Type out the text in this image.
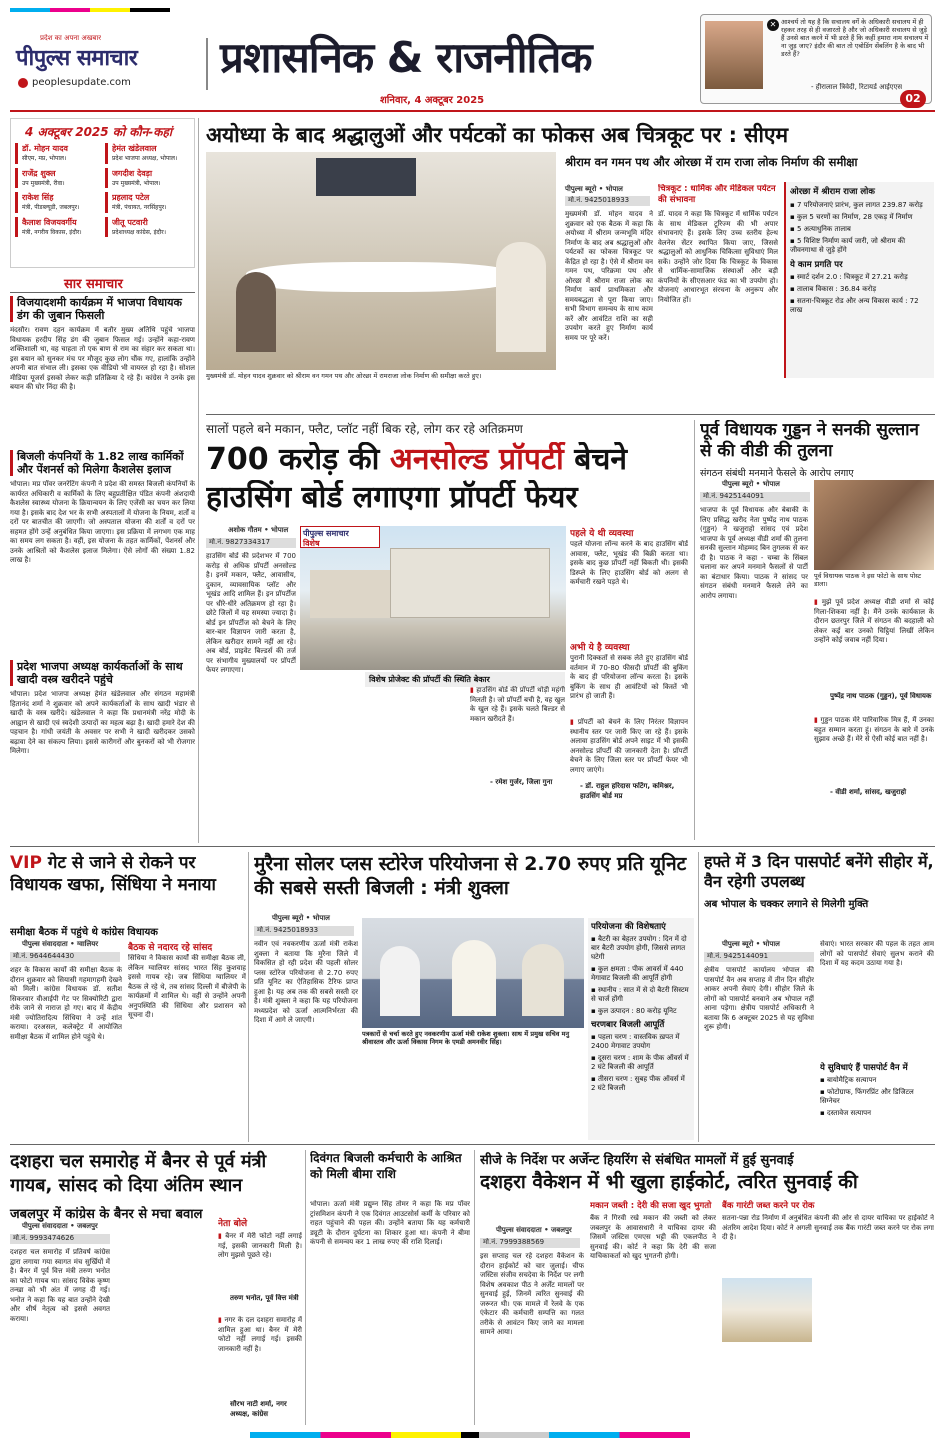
प्रदेश का अपना अखबार
पीपुल्स समाचार
peoplesupdate.com
प्रशासनिक & राजनीतिक
शनिवार, 4 अक्टूबर 2025
✕ आश्चर्य तो यह है कि सचालय वर्गे के अधिकारी सचालय में ही रहकर तरह से ही वजारतो है और जो अधिकारी सचालय से जुड़े हैं उनसे बात करने में भी डरते हैं कि कहीं हमारा नाम सचालय में ना जुड़ जाए? इंदौर की बात तो एबोडिंग सेंबलिंग है के बाद भी डरते हैं?
- हीरालाल त्रिवेदी, रिटायर्ड आईएएस
02
4 अक्टूबर 2025 को कौन-कहां
डॉ. मोहन यादव
सीएम, मप्र, भोपाल।
हेमंत खंडेलवाल
प्रदेश भाजपा अध्यक्ष, भोपाल।
राजेंद्र शुक्ल
उप मुख्यमंत्री, रीवा।
जगदीश देवड़ा
उप मुख्यमंत्री, भोपाल।
राकेश सिंह
मंत्री, पीडब्ल्यूडी, जबलपुर।
प्रहलाद पटेल
मंत्री, पंचायत, नरसिंहपुर।
कैलाश विजयवर्गीय
मंत्री, नगरीय विकास, इंदौर।
जीतू पटवारी
प्रदेशाध्यक्ष कांग्रेस, इंदौर।
सार समाचार
विजयादशमी कार्यक्रम में भाजपा विधायक डंग की जुबान फिसली
मंदसौर। रावण दहन कार्यक्रम में बतौर मुख्य अतिथि पहुंचे भाजपा विधायक हरदीप सिंह डंग की जुबान फिसल गई। उन्होंने कहा-रावण शक्तिशाली था, वह चाहता तो एक बाण से राम का संहार कर सकता था। इस बयान को सुनकर मंच पर मौजूद कुछ लोग चौंक गए, हालांकि उन्होंने अपनी बात संभाल ली। इसका एक वीडियो भी वायरल हो रहा है। सोशल मीडिया यूजर्स इसको लेकर कड़ी प्रतिक्रिया दे रहे हैं। कांग्रेस ने उनके इस बयान की घोर निंदा की है।
बिजली कंपनियों के 1.82 लाख कार्मिकों और पेंशनर्स को मिलेगा कैशलेस इलाज
भोपाल। मप्र पॉवर जनरेटिंग कंपनी ने प्रदेश की समस्त बिजली कंपनियों के कार्यरत अधिकारी व कार्मिकों के लिए बहुप्रतीक्षित पंडित कंपनी अंशदायी कैशलेस स्वास्थ्य योजना के क्रियान्वयन के लिए एजेंसी का चयन कर लिया गया है। इसके बाद देश भर के सभी अस्पतालों में योजना के नियम, शर्तों व दरों पर बातचीत की जाएगी। जो अस्पताल योजना की शर्तों व दरों पर सहमत होंगे उन्हें अनुबंधित किया जाएगा। इस प्रक्रिया में लगभग एक माह का समय लग सकता है। वहीं, इस योजना के तहत कार्मिकों, पेंशनर्स और उनके आश्रितों को कैशलेस इलाज मिलेगा। ऐसे लोगों की संख्या 1.82 लाख है।
प्रदेश भाजपा अध्यक्ष कार्यकर्ताओं के साथ खादी वस्त्र खरीदने पहुंचे
भोपाल। प्रदेश भाजपा अध्यक्ष हेमंत खंडेलवाल और संगठन महामंत्री हितानंद शर्मा ने शुक्रवार को अपने कार्यकर्ताओं के साथ खादी भंडार से खादी के वस्त्र खरीदे। खंडेलवाल ने कहा कि प्रधानमंत्री नरेंद्र मोदी के आह्वान से खादी एवं स्वदेशी उत्पादों का महत्व बढ़ा है। खादी हमारे देश की पहचान है। गांधी जयंती के अवसर पर सभी ने खादी खरीदकर उसको बढ़ावा देने का संकल्प लिया। इससे कारीगरों और बुनकरों को भी रोजगार मिलेगा।
अयोध्या के बाद श्रद्धालुओं और पर्यटकों का फोकस अब चित्रकूट पर : सीएम
मुख्यमंत्री डॉ. मोहन यादव शुक्रवार को श्रीराम वन गमन पथ और ओरछा में रामराजा लोक निर्माण की समीक्षा करते हुए।
श्रीराम वन गमन पथ और ओरछा में राम राजा लोक निर्माण की समीक्षा
पीपुल्स ब्यूरो • भोपाल
मो.नं. 9425018933
मुख्यमंत्री डॉ. मोहन यादव ने शुक्रवार को एक बैठक में कहा कि अयोध्या में श्रीराम जन्मभूमि मंदिर निर्माण के बाद अब श्रद्धालुओं और पर्यटकों का फोकस चित्रकूट पर केंद्रित हो रहा है। ऐसे में श्रीराम वन गमन पथ, परिक्रमा पथ और ओरछा में श्रीराम राजा लोक का निर्माण कार्य प्राथमिकता और समयबद्धता से पूरा किया जाए। सभी विभाग समन्वय के साथ काम करें और आवंटित राशि का सही उपयोग करते हुए निर्माण कार्य समय पर पूरे करें।
चित्रकूट : धार्मिक और मेडिकल पर्यटन की संभावना
डॉ. यादव ने कहा कि चित्रकूट में धार्मिक पर्यटन के साथ मेडिकल टूरिज्म की भी अपार संभावनाएं हैं। इसके लिए उच्च स्तरीय हेल्थ वेलनेस सेंटर स्थापित किया जाए, जिससे श्रद्धालुओं को आधुनिक चिकित्सा सुविधाएं मिल सकें। उन्होंने जोर दिया कि चित्रकूट के विकास से धार्मिक-सामाजिक संस्थाओं और बड़ी कंपनियों के सीएसआर फंड का भी उपयोग हो। योजनाएं आधारभूत संरचना के अनुरूप और नियोजित हों।
ओरछा में श्रीराम राजा लोक
▪ 7 परियोजनाएं प्रारंभ, कुल लागत 239.87 करोड़
▪ कुल 5 चरणों का निर्माण, 28 एकड़ में निर्माण
▪ 5 अत्याधुनिक तालाब
▪ 5 विशिष्ट निर्माण कार्य जारी, जो श्रीराम की जीवनगाथा से जुड़े होंगे
ये काम प्रगति पर
▪ स्मार्ट दर्शन 2.0 : चित्रकूट में 27.21 करोड़
▪ तालाब विकास : 36.84 करोड़
▪ सतना-चित्रकूट रोड और अन्य विकास कार्य : 72 लाख
सालों पहले बने मकान, फ्लैट, प्लॉट नहीं बिक रहे, लोग कर रहे अतिक्रमण
700 करोड़ की अनसोल्ड प्रॉपर्टी बेचने
हाउसिंग बोर्ड लगाएगा प्रॉपर्टी फेयर
अशोक गौतम • भोपाल
मो.नं. 9827334317
हाउसिंग बोर्ड की प्रदेशभर में 700 करोड़ से अधिक प्रॉपर्टी अनसोल्ड है। इनमें मकान, फ्लैट, आवासीय, दुकान, व्यावसायिक प्लॉट और भूखंड आदि शामिल हैं। इन प्रॉपर्टीज पर धीरे-धीरे अतिक्रमण हो रहा है। छोटे जिलों में यह समस्या ज्यादा है। बोर्ड इन प्रॉपर्टीज को बेचने के लिए बार-बार विज्ञापन जारी करता है, लेकिन खरीदार सामने नहीं आ रहे। अब बोर्ड, प्राइवेट बिल्डर्स की तर्ज पर संभागीय मुख्यालयों पर प्रॉपर्टी फेयर लगाएगा।
पीपुल्स समाचार
विशेष
विशेष प्रोजेक्ट की प्रॉपर्टी की स्थिति बेकार
पहले ये थी व्यवस्था
पहले योजना लॉन्च करने के बाद हाउसिंग बोर्ड आवास, फ्लैट, भूखंड की बिक्री करता था। इसके बाद कुछ प्रॉपर्टी नहीं बिकती थी। इसकी डिस्प्ले के लिए हाउसिंग बोर्ड को अलग से कर्मचारी रखने पड़ते थे।
▮ हाउसिंग बोर्ड की प्रॉपर्टी थोड़ी महंगी मिलती है। जो प्रॉपर्टी बची है, वह खुल के खुल रहे हैं। इसके चलते बिल्डर से मकान खरीदते हैं।
- रमेश गुर्जर, जिला गुना
अभी ये है व्यवस्था
पुरानी दिक्कतों से सबक लेते हुए हाउसिंग बोर्ड वर्तमान में 70-80 फीसदी प्रॉपर्टी की बुकिंग के बाद ही परियोजना लॉन्च करता है। इसके बुकिंग के साथ ही आवंटियों को किस्तें भी प्रारंभ हो जाती हैं।
▮ प्रॉपर्टी को बेचने के लिए निरंतर विज्ञापन स्थानीय स्तर पर जारी किए जा रहे हैं। इसके अलावा हाउसिंग बोर्ड अपने साइट में भी इसकी अनसोल्ड प्रॉपर्टी की जानकारी देता है। प्रॉपर्टी बेचने के लिए जिला स्तर पर प्रॉपर्टी फेयर भी लगाए जाएंगे।
- डॉ. राहुल हरिदास फटिंग, कमिश्नर, हाउसिंग बोर्ड मप्र
पूर्व विधायक गुड्डन ने सनकी सुल्तान से की वीडी की तुलना
संगठन संबंधी मनमाने फैसले के आरोप लगाए
पीपुल्स ब्यूरो • भोपाल
मो.नं. 9425144091
भाजपा के पूर्व विधायक और बेबाकी के लिए प्रसिद्ध खरीद नेता पुष्पेंद्र नाथ पाठक (गुड्डन) ने खजुराहो सांसद एवं प्रदेश भाजपा के पूर्व अध्यक्ष वीडी शर्मा की तुलना सनकी सुल्तान मोहम्मद बिन तुगलक से कर दी है। पाठक ने कहा - चम्बा के सिंबल चलाना कर अपने मनमाने फैसलों से पार्टी का बंटाधार किया। पाठक ने सांसद पर संगठन संबंधी मनमाने फैसले लेने का आरोप लगाया।
पूर्व विधायक पाठक ने इस फोटो के साथ पोस्ट डाला।
▮ मुझे पूर्व प्रदेश अध्यक्ष वीडी शर्मा से कोई गिला-शिकवा नहीं है। मैंने उनके कार्यकाल के दौरान छतरपुर जिले में संगठन की बदहाली को लेकर कई बार उनको चिट्ठियां लिखीं लेकिन उन्होंने कोई जवाब नहीं दिया।
पुष्पेंद्र नाथ पाठक (गुड्डन), पूर्व विधायक
▮ गुड्डन पाठक मेरे पारिवारिक मित्र हैं, मैं उनका बहुत सम्मान करता हूं। संगठन के बारे में उनके सुझाव अच्छे हैं। मेरे से ऐसी कोई बात नहीं है।
- वीडी शर्मा, सांसद, खजुराहो
VIP गेट से जाने से रोकने पर विधायक खफा, सिंधिया ने मनाया
समीक्षा बैठक में पहुंचे थे कांग्रेस विधायक
पीपुल्स संवाददाता • ग्वालियर
मो.नं. 9644644430
शहर के विकास कार्यों की समीक्षा बैठक के दौरान शुक्रवार को सियासी गहमागहमी देखने को मिली। कांग्रेस विधायक डॉ. सतीश सिकरवार वीआईपी गेट पर सिक्योरिटी द्वारा रोके जाने से नाराज हो गए। बाद में केंद्रीय मंत्री ज्योतिरादित्य सिंधिया ने उन्हें शांत कराया। दरअसल, कलेक्ट्रेट में आयोजित समीक्षा बैठक में शामिल होने पहुंचे थे।
बैठक से नदारद रहे सांसद
सिंधिया ने विकास कार्यों की समीक्षा बैठक ली, लेकिन ग्वालियर सांसद भारत सिंह कुशवाह इससे गायब रहे। जब सिंधिया ग्वालियर में बैठक ले रहे थे, तब सांसद दिल्ली में बीजेपी के कार्यक्रमों में शामिल थे। वहीं से उन्होंने अपनी अनुपस्थिति की सिंधिया और प्रशासन को सूचना दी।
मुरैना सोलर प्लस स्टोरेज परियोजना से 2.70 रुपए प्रति यूनिट की सबसे सस्ती बिजली : मंत्री शुक्ला
पीपुल्स ब्यूरो • भोपाल
मो.नं. 9425018933
नवीन एवं नवकरणीय ऊर्जा मंत्री राकेश शुक्ला ने बताया कि मुरैना जिले में विकसित हो रही प्रदेश की पहली सोलर प्लस स्टोरेज परियोजना से 2.70 रुपए प्रति यूनिट का ऐतिहासिक टैरिफ प्राप्त हुआ है। यह अब तक की सबसे सस्ती दर है। मंत्री शुक्ला ने कहा कि यह परियोजना मध्यप्रदेश को ऊर्जा आत्मनिर्भरता की दिशा में आगे ले जाएगी।
पत्रकारों से चर्चा करते हुए नवकरणीय ऊर्जा मंत्री राकेश शुक्ला। साथ में प्रमुख सचिव मनु श्रीवास्तव और ऊर्जा विकास निगम के एमडी अमनवीर सिंह।
परियोजना की विशेषताएं
▪ बैटरी का बेहतर उपयोग : दिन में दो बार बैटरी उपयोग होगी, जिससे लागत घटेगी
▪ कुल क्षमता : पीक आवर्स में 440 मेगावाट बिजली की आपूर्ति होगी
▪ स्थानीय : सात में से दो बैटरी सिस्टम से चार्ज होंगी
▪ कुल उत्पादन : 80 करोड़ यूनिट
चरणबार बिजली आपूर्ति
▪ पहला चरण : वास्तविक ख़पत में 2400 मेगावाट उपयोग
▪ दूसरा चरण : शाम के पीक ऑवर्स में 2 घंटे बिजली की आपूर्ति
▪ तीसरा चरण : सुबह पीक ऑवर्स में 2 घंटे बिजली
हफ्ते में 3 दिन पासपोर्ट बनेंगे सीहोर में, वैन रहेगी उपलब्ध
अब भोपाल के चक्कर लगाने से मिलेगी मुक्ति
पीपुल्स ब्यूरो • भोपाल
मो.नं. 9425144091
क्षेत्रीय पासपोर्ट कार्यालय भोपाल की पासपोर्ट वैन अब सप्ताह में तीन दिन सीहोर आकर अपनी सेवाएं देगी। सीहोर जिले के लोगों को पासपोर्ट बनवाने अब भोपाल नहीं आना पड़ेगा। क्षेत्रीय पासपोर्ट अधिकारी ने बताया कि 6 अक्टूबर 2025 से यह सुविधा शुरू होगी।
सेवाएं। भारत सरकार की पहल के तहत आम लोगों को पासपोर्ट सेवाएं सुलभ कराने की दिशा में यह कदम उठाया गया है।
ये सुविधाएं हैं पासपोर्ट वैन में
▪ बायोमैट्रिक सत्यापन
▪ फोटोग्राफ, फिंगरप्रिंट और डिजिटल सिग्नेचर
▪ दस्तावेज सत्यापन
दशहरा चल समारोह में बैनर से पूर्व मंत्री गायब, सांसद को दिया अंतिम स्थान
जबलपुर में कांग्रेस के बैनर से मचा बवाल
पीपुल्स संवाददाता • जबलपुर
मो.नं. 9993474626
दशहरा चल समारोह में प्रतिवर्ष कांग्रेस द्वारा लगाया गया स्वागत मंच सुर्खियों में है। बैनर में पूर्व वित्त मंत्री तरुण भनोत का फोटो गायब था। सांसद विवेक कृष्ण तन्खा को भी अंत में जगह दी गई। भनोत ने कहा कि यह बात उन्होंने देखी और शीर्ष नेतृत्व को इससे अवगत कराया।
नेता बोले
▮ बैनर में मेरी फोटो नहीं लगाई गई, इसकी जानकारी मिली है। लोग मुझसे पूछते रहे।
तरुण भनोत, पूर्व वित्त मंत्री
▮ नगर के दल दशहरा समारोह में शामिल हुआ था। बैनर में मेरी फोटो नहीं लगाई गई। इसकी जानकारी नहीं है।
सौरभ नाटी शर्मा, नगर अध्यक्ष, कांग्रेस
दिवंगत बिजली कर्मचारी के आश्रित को मिली बीमा राशि
भोपाल। ऊर्जा मंत्री प्रद्युम्न सिंह तोमर ने कहा कि मप्र पॉवर ट्रांसमिशन कंपनी ने एक दिवंगत आउटसोर्स कर्मी के परिवार को राहत पहुंचाने की पहल की। उन्होंने बताया कि यह कर्मचारी ड्यूटी के दौरान दुर्घटना का शिकार हुआ था। कंपनी ने बीमा कंपनी से समन्वय कर 1 लाख रुपए की राशि दिलाई।
सीजे के निर्देश पर अर्जेन्ट हियरिंग से संबंधित मामलों में हुई सुनवाई
दशहरा वैकेशन में भी खुला हाईकोर्ट, त्वरित सुनवाई की
पीपुल्स संवाददाता • जबलपुर
मो.नं. 7999388569
इस सप्ताह चल रहे दशहरा वैकेशन के दौरान हाईकोर्ट को चार जुलाई। चीफ जस्टिस संजीव सचदेवा के निर्देश पर लगी विशेष अवकाश पीठ ने अर्जेंट मामलों पर सुनवाई हुई, जिनमें त्वरित सुनवाई की जरूरत थी। एक मामले में रेलवे के एक एंकेटार की कर्मचारी सम्पत्ति का गलत तरीके से आवंटन किए जाने का मामला सामने आया।
मकान जब्ती : देरी की सजा खुद भुगतो
बैंक ने गिरवी रखे मकान की जब्ती को लेकर जबलपुर के आवासधारी ने याचिका दायर की जिसमें जस्टिस एमएस भट्टी की एकलपीठ ने सुनवाई की। कोर्ट ने कहा कि देरी की सजा याचिकाकर्ता को खुद भुगतनी होगी।
बैंक गारंटी जब्त करने पर रोक
सतना-पन्ना रोड निर्माण में अनुबंधित कंपनी की ओर से दायर याचिका पर हाईकोर्ट ने अंतरिम आदेश दिया। कोर्ट ने अगली सुनवाई तक बैंक गारंटी जब्त करने पर रोक लगा दी है।
